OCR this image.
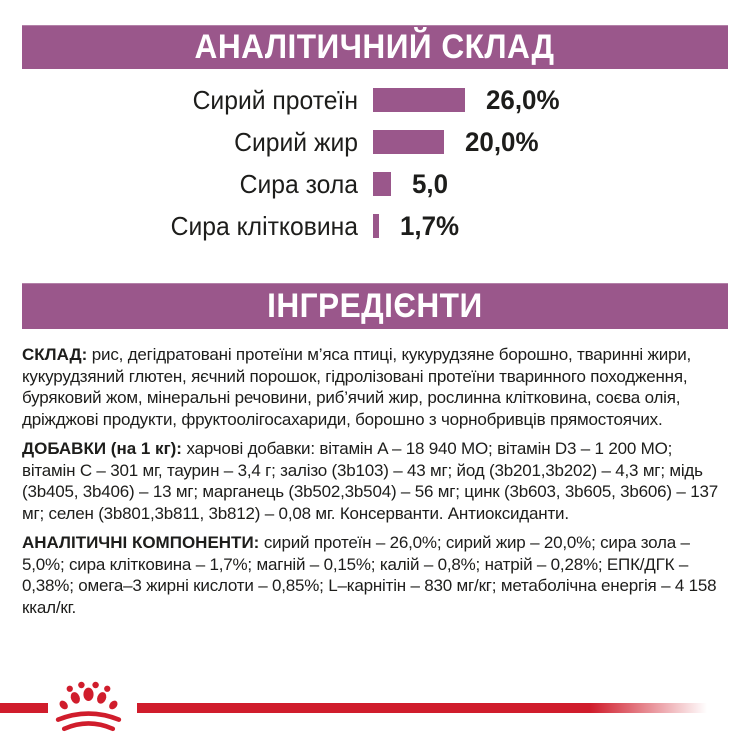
АНАЛІТИЧНИЙ СКЛАД
Сирий протеїн	26,0%
Сирий жир	20,0%
Сира зола 5,0
Сира клітковина 1,7%
ІНГРЕДІЄНТИ

СКЛАД: рис, дегідратовані протеїни м’яса птиці, кукурудзяне борошно, тваринні жири, кукурудзяний глютен, яєчний порошок, гідролізовані протеїни тваринного походження, буряковий жом, мінеральні речовини, риб’ячий жир, рослинна клітковина, соєва олія, дріжджові продукти, фруктоолігосахариди, борошно з чорнобривців прямостоячих.

ДОБАВКИ (на 1 кг): харчові добавки: вітамін A – 18 940 МО; вітамін D3 – 1 200 МО; вітамін C – 301 мг, таурин – 3,4 г; залізо (3b103) – 43 мг; йод (3b201,3b202) – 4,3 мг; мідь (3b405, 3b406) – 13 мг; марганець (3b502,3b504) – 56 мг; цинк (3b603, 3b605, 3b606) – 137 мг; селен (3b801,3b811, 3b812) – 0,08 мг. Консерванти. Антиоксиданти.

АНАЛІТИЧНІ КОМПОНЕНТИ: сирий протеїн – 26,0%; сирий жир – 20,0%; сира зола – 5,0%; сира клітковина – 1,7%; магній – 0,15%; калій – 0,8%; натрій – 0,28%; ЕПК/ДГК – 0,38%; омега–3 жирні кислоти – 0,85%; L–карнітін – 830 мг/кг; метаболічна енергія – 4 158 ккал/кг.
